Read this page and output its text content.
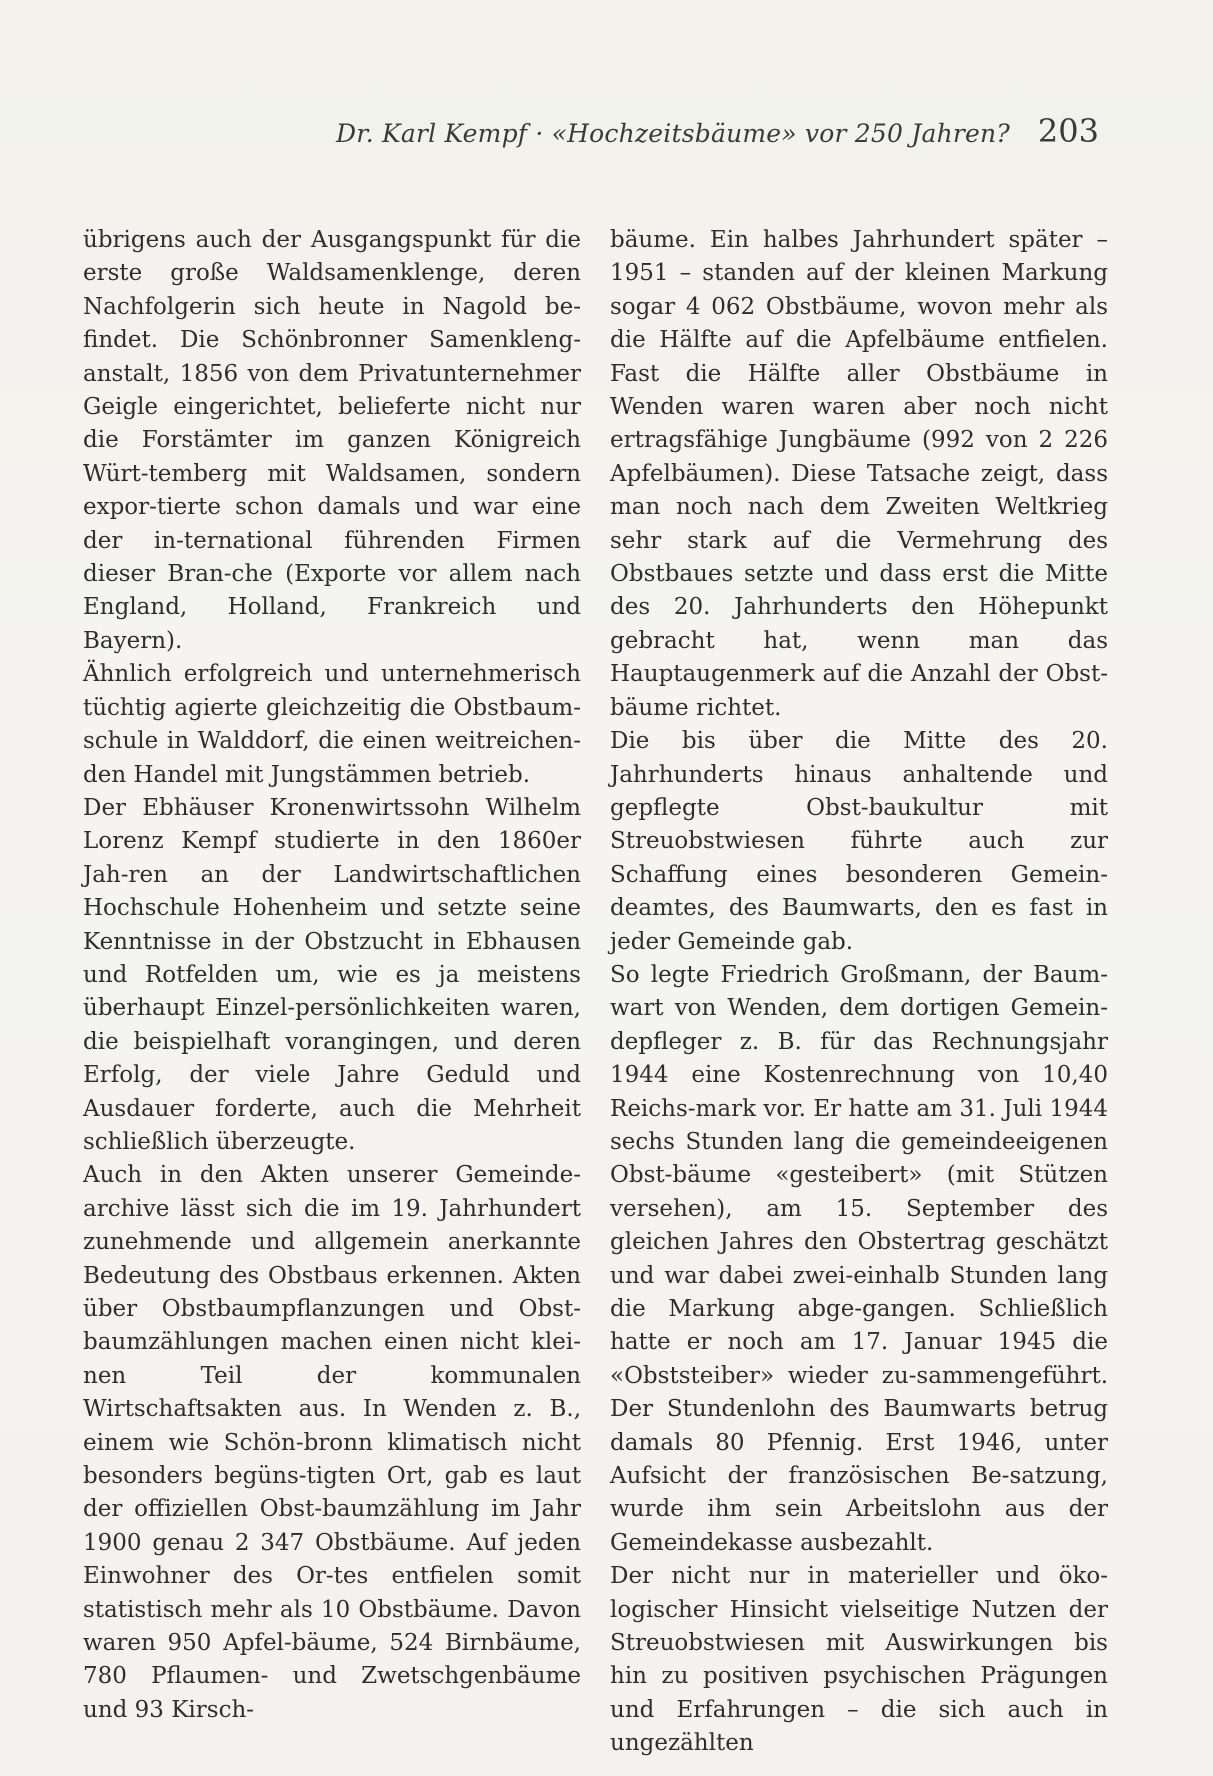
Dr. Karl Kempf · «Hochzeitsbäume» vor 250 Jahren? 203

übrigens auch der Ausgangspunkt für die erste große Waldsamenklenge, deren Nachfolgerin sich heute in Nagold be-findet. Die Schönbronner Samenkleng-anstalt, 1856 von dem Privatunternehmer Geigle eingerichtet, belieferte nicht nur die Forstämter im ganzen Königreich Würt-temberg mit Waldsamen, sondern expor-tierte schon damals und war eine der in-ternational führenden Firmen dieser Bran-che (Exporte vor allem nach England, Holland, Frankreich und Bayern).

Ähnlich erfolgreich und unternehmerisch tüchtig agierte gleichzeitig die Obstbaum-schule in Walddorf, die einen weitreichen-den Handel mit Jungstämmen betrieb.

Der Ebhäuser Kronenwirtssohn Wilhelm Lorenz Kempf studierte in den 1860er Jah-ren an der Landwirtschaftlichen Hochschule Hohenheim und setzte seine Kenntnisse in der Obstzucht in Ebhausen und Rotfelden um, wie es ja meistens überhaupt Einzel-persönlichkeiten waren, die beispielhaft vorangingen, und deren Erfolg, der viele Jahre Geduld und Ausdauer forderte, auch die Mehrheit schließlich überzeugte.

Auch in den Akten unserer Gemeinde-archive lässt sich die im 19. Jahrhundert zunehmende und allgemein anerkannte Bedeutung des Obstbaus erkennen. Akten über Obstbaumpflanzungen und Obst-baumzählungen machen einen nicht klei-nen Teil der kommunalen Wirtschaftsakten aus. In Wenden z. B., einem wie Schön-bronn klimatisch nicht besonders begüns-tigten Ort, gab es laut der offiziellen Obst-baumzählung im Jahr 1900 genau 2 347 Obstbäume. Auf jeden Einwohner des Or-tes entfielen somit statistisch mehr als 10 Obstbäume. Davon waren 950 Apfel-bäume, 524 Birnbäume, 780 Pflaumen- und Zwetschgenbäume und 93 Kirsch-

bäume. Ein halbes Jahrhundert später – 1951 – standen auf der kleinen Markung sogar 4 062 Obstbäume, wovon mehr als die Hälfte auf die Apfelbäume entfielen. Fast die Hälfte aller Obstbäume in Wenden waren waren aber noch nicht ertragsfähige Jungbäume (992 von 2 226 Apfelbäumen). Diese Tatsache zeigt, dass man noch nach dem Zweiten Weltkrieg sehr stark auf die Vermehrung des Obstbaues setzte und dass erst die Mitte des 20. Jahrhunderts den Höhepunkt gebracht hat, wenn man das Hauptaugenmerk auf die Anzahl der Obst-bäume richtet.

Die bis über die Mitte des 20. Jahrhunderts hinaus anhaltende und gepflegte Obst-baukultur mit Streuobstwiesen führte auch zur Schaffung eines besonderen Gemein-deamtes, des Baumwarts, den es fast in jeder Gemeinde gab.

So legte Friedrich Großmann, der Baum-wart von Wenden, dem dortigen Gemein-depfleger z. B. für das Rechnungsjahr 1944 eine Kostenrechnung von 10,40 Reichs-mark vor. Er hatte am 31. Juli 1944 sechs Stunden lang die gemeindeeigenen Obst-bäume «gesteibert» (mit Stützen versehen), am 15. September des gleichen Jahres den Obstertrag geschätzt und war dabei zwei-einhalb Stunden lang die Markung abge-gangen. Schließlich hatte er noch am 17. Januar 1945 die «Obststeiber» wieder zu-sammengeführt. Der Stundenlohn des Baumwarts betrug damals 80 Pfennig. Erst 1946, unter Aufsicht der französischen Be-satzung, wurde ihm sein Arbeitslohn aus der Gemeindekasse ausbezahlt.

Der nicht nur in materieller und öko-logischer Hinsicht vielseitige Nutzen der Streuobstwiesen mit Auswirkungen bis hin zu positiven psychischen Prägungen und Erfahrungen – die sich auch in ungezählten
